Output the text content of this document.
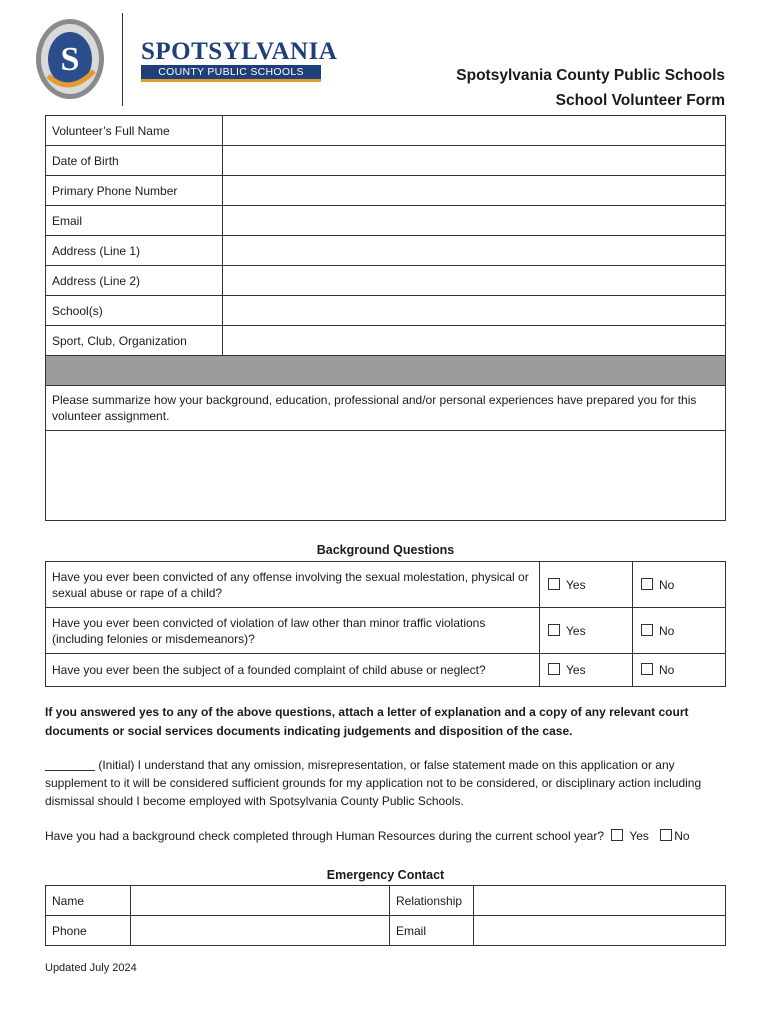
S SPOTSYLVANIA
COUNTY PUBLIC SCHOOLS	Spotsylvania County Public Schools
School Volunteer Form
Volunteer’s Full Name	
Date of Birth	
Primary Phone Number	
Email	
Address (Line 1)	
Address (Line 2)	
School(s)	
Sport, Club, Organization	

Please summarize how your background, education, professional and/or personal experiences have prepared you for this volunteer assignment.

Background Questions
Have you ever been convicted of any offense involving the sexual molestation, physical or sexual abuse or rape of a child?	Yes	No
Have you ever been convicted of violation of law other than minor traffic violations (including felonies or misdemeanors)?	Yes	No
Have you ever been the subject of a founded complaint of child abuse or neglect?	Yes	No
If you answered yes to any of the above questions, attach a letter of explanation and a copy of any relevant court documents or social services documents indicating judgements and disposition of the case.
(Initial) I understand that any omission, misrepresentation, or false statement made on this application or any supplement to it will be considered sufficient grounds for my application not to be considered, or disciplinary action including dismissal should I become employed with Spotsylvania County Public Schools.
Have you had a background check completed through Human Resources during the current school year? Yes No
Emergency Contact
Name		Relationship	
Phone		Email	
Updated July 2024
